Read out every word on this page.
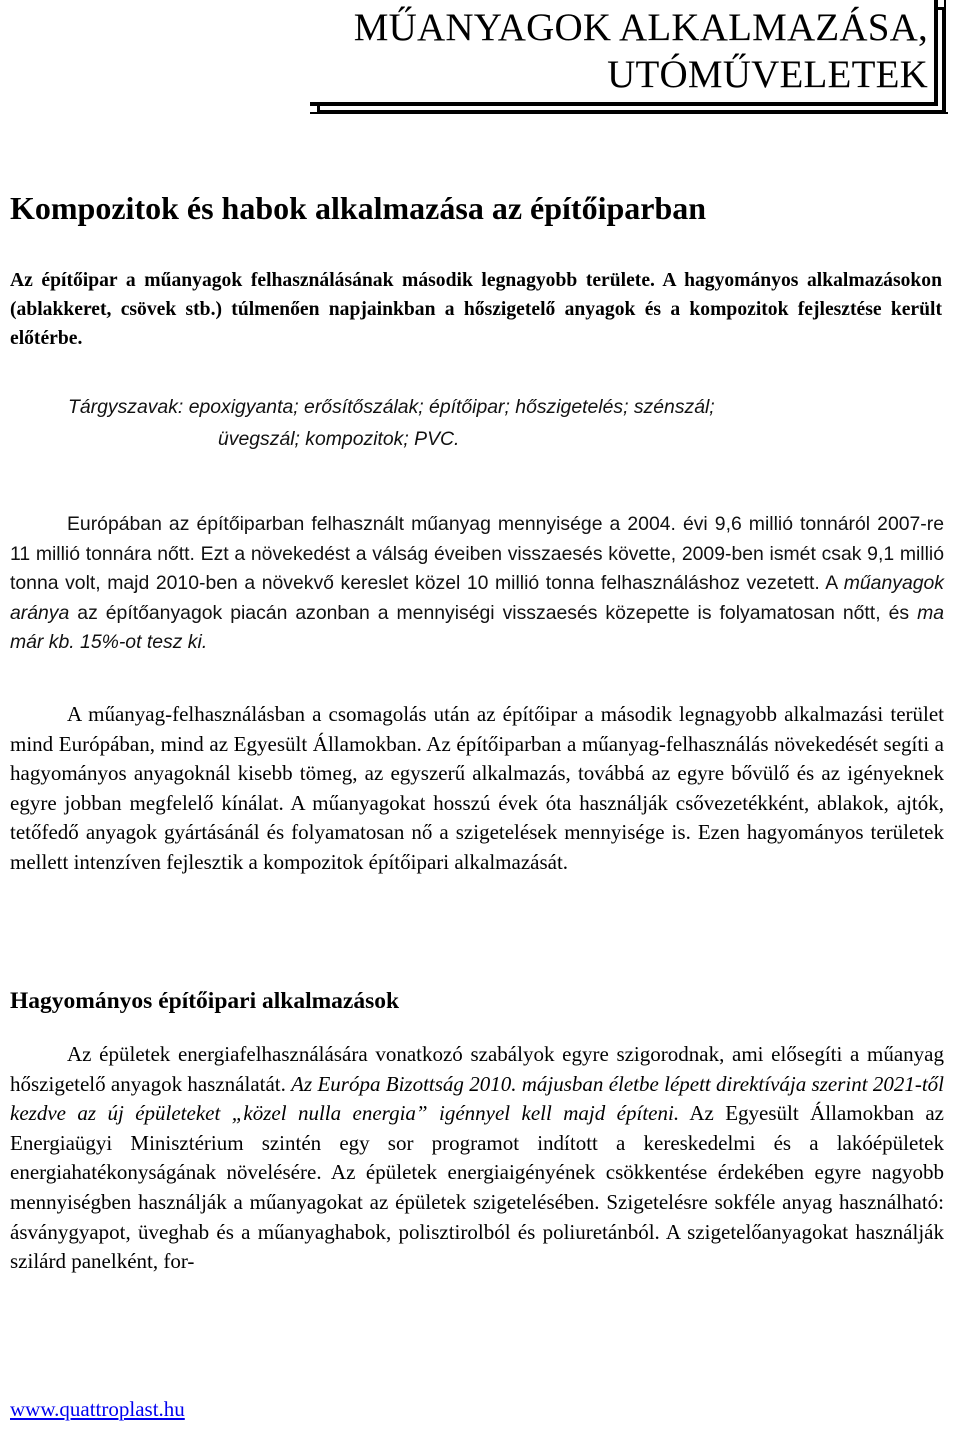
MŰANYAGOK ALKALMAZÁSA,
UTÓMŰVELETEK
Kompozitok és habok alkalmazása az építőiparban

Az építőipar a műanyagok felhasználásának második legnagyobb területe. A hagyományos alkalmazásokon (ablakkeret, csövek stb.) túlmenően napjainkban a hőszigetelő anyagok és a kompozitok fejlesztése került előtérbe.

Tárgyszavak: epoxigyanta; erősítőszálak; építőipar; hőszigetelés; szénszál;
üvegszál; kompozitok; PVC.

Európában az építőiparban felhasznált műanyag mennyisége a 2004. évi 9,6 millió tonnáról 2007-re 11 millió tonnára nőtt. Ezt a növekedést a válság éveiben visszaesés követte, 2009-ben ismét csak 9,1 millió tonna volt, majd 2010-ben a növekvő kereslet közel 10 millió tonna felhasználáshoz vezetett. A műanyagok aránya az építőanyagok piacán azonban a mennyiségi visszaesés közepette is folyamatosan nőtt, és ma már kb. 15%-ot tesz ki.

A műanyag-felhasználásban a csomagolás után az építőipar a második legnagyobb alkalmazási terület mind Európában, mind az Egyesült Államokban. Az építőiparban a műanyag-felhasználás növekedését segíti a hagyományos anyagoknál kisebb tömeg, az egyszerű alkalmazás, továbbá az egyre bővülő és az igényeknek egyre jobban megfelelő kínálat. A műanyagokat hosszú évek óta használják csővezetékként, ablakok, ajtók, tetőfedő anyagok gyártásánál és folyamatosan nő a szigetelések mennyisége is. Ezen hagyományos területek mellett intenzíven fejlesztik a kompozitok építőipari alkalmazását.

Hagyományos építőipari alkalmazások

Az épületek energiafelhasználására vonatkozó szabályok egyre szigorodnak, ami elősegíti a műanyag hőszigetelő anyagok használatát. Az Európa Bizottság 2010. májusban életbe lépett direktívája szerint 2021-től kezdve az új épületeket „közel nulla energia” igénnyel kell majd építeni. Az Egyesült Államokban az Energiaügyi Minisztérium szintén egy sor programot indított a kereskedelmi és a lakóépületek energiahatékonyságának növelésére. Az épületek energiaigényének csökkentése érdekében egyre nagyobb mennyiségben használják a műanyagokat az épületek szigetelésében. Szigetelésre sokféle anyag használható: ásványgyapot, üveghab és a műanyaghabok, polisztirolból és poliuretánból. A szigetelőanyagokat használják szilárd panelként, for-

www.quattroplast.hu
